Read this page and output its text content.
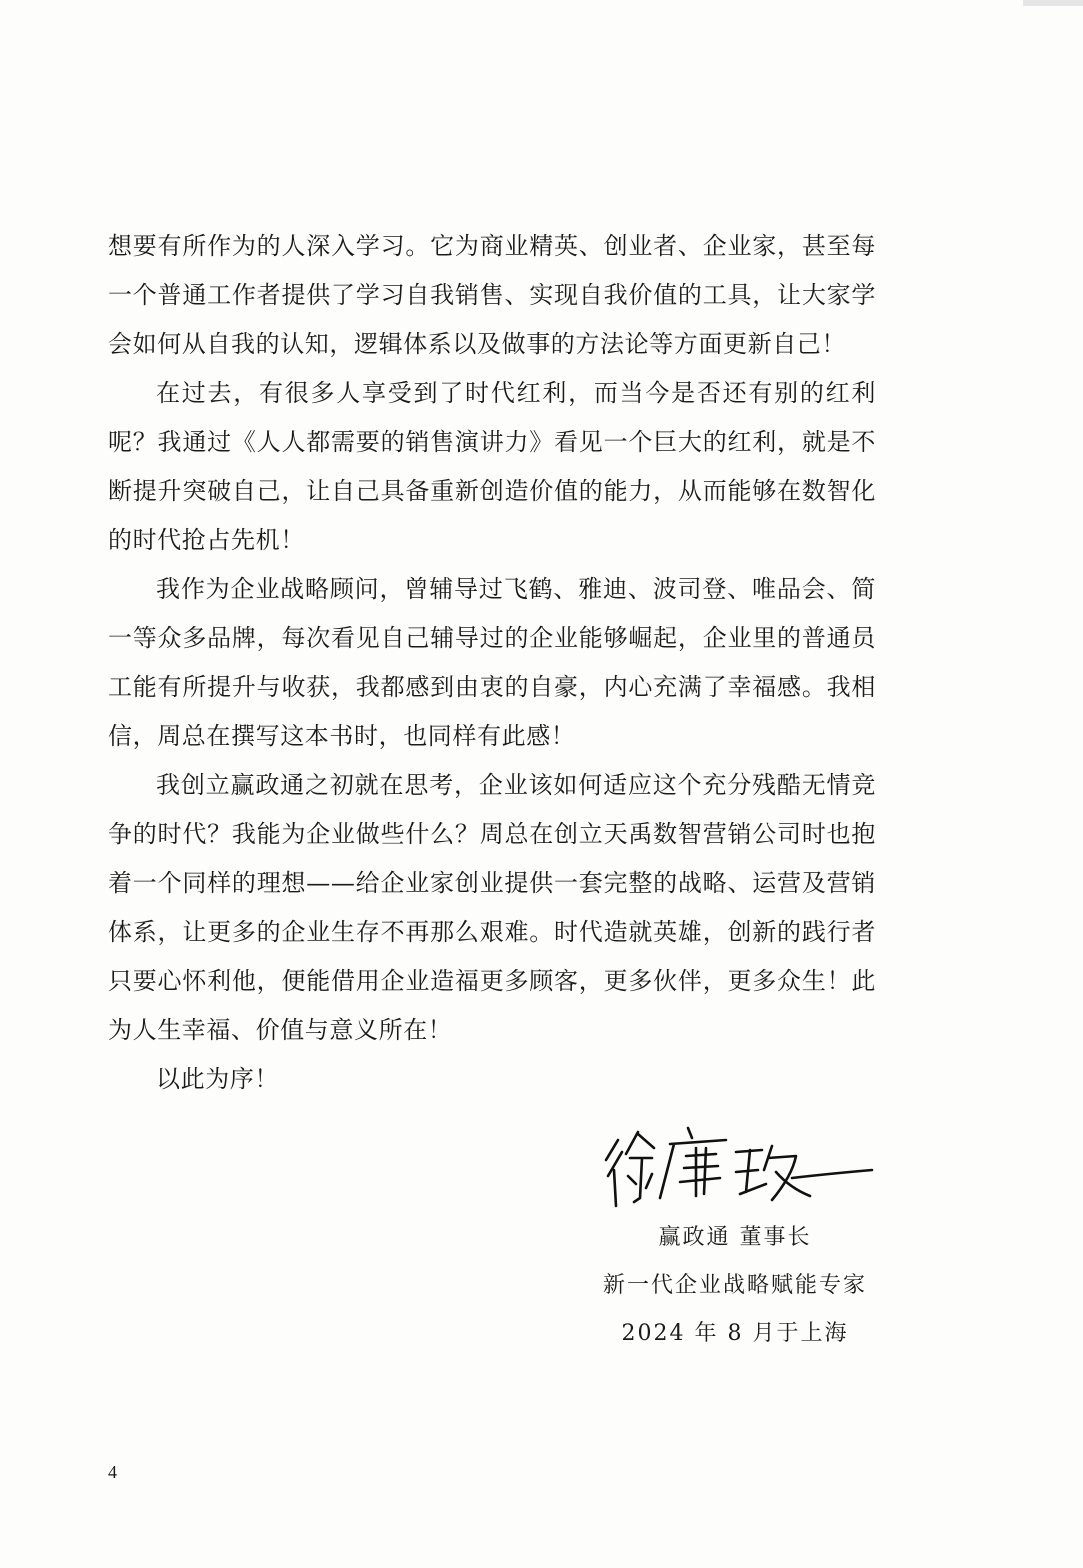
想要有所作为的人深入学习。它为商业精英、创业者、企业家，甚至每一个普通工作者提供了学习自我销售、实现自我价值的工具，让大家学会如何从自我的认知，逻辑体系以及做事的方法论等方面更新自己！

在过去，有很多人享受到了时代红利，而当今是否还有别的红利呢？我通过《人人都需要的销售演讲力》看见一个巨大的红利，就是不断提升突破自己，让自己具备重新创造价值的能力，从而能够在数智化的时代抢占先机！

我作为企业战略顾问，曾辅导过飞鹤、雅迪、波司登、唯品会、简一等众多品牌，每次看见自己辅导过的企业能够崛起，企业里的普通员工能有所提升与收获，我都感到由衷的自豪，内心充满了幸福感。我相信，周总在撰写这本书时，也同样有此感！

我创立赢政通之初就在思考，企业该如何适应这个充分残酷无情竞争的时代？我能为企业做些什么？周总在创立天禹数智营销公司时也抱着一个同样的理想——给企业家创业提供一套完整的战略、运营及营销体系，让更多的企业生存不再那么艰难。时代造就英雄，创新的践行者只要心怀利他，便能借用企业造福更多顾客，更多伙伴，更多众生！此为人生幸福、价值与意义所在！

以此为序！
赢政通 董事长
新一代企业战略赋能专家
2024 年 8 月于上海
4
